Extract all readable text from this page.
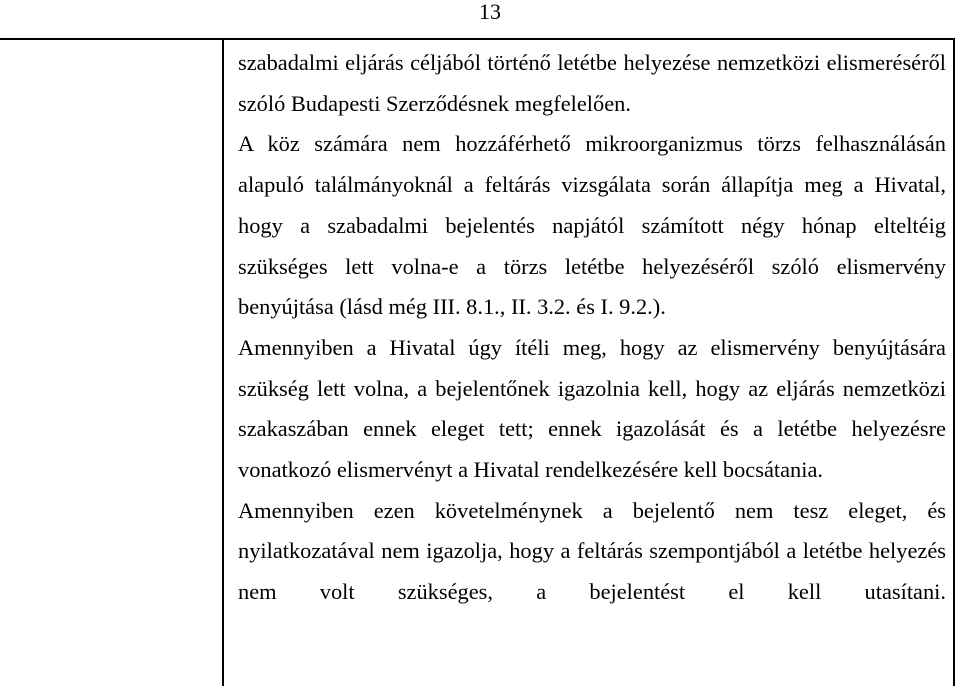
13

szabadalmi eljárás céljából történő letétbe helyezése nemzetközi elismeréséről szóló Budapesti Szerződésnek megfelelően.

A köz számára nem hozzáférhető mikroorganizmus törzs felhasználásán alapuló találmányoknál a feltárás vizsgálata során állapítja meg a Hivatal, hogy a szabadalmi bejelentés napjától számított négy hónap elteltéig szükséges lett volna-e a törzs letétbe helyezéséről szóló elismervény benyújtása (lásd még III. 8.1., II. 3.2. és I. 9.2.).

Amennyiben a Hivatal úgy ítéli meg, hogy az elismervény benyújtására szükség lett volna, a bejelentőnek igazolnia kell, hogy az eljárás nemzetközi szakaszában ennek eleget tett; ennek igazolását és a letétbe helyezésre vonatkozó elismervényt a Hivatal rendelkezésére kell bocsátania.

Amennyiben ezen követelménynek a bejelentő nem tesz eleget, és nyilatkozatával nem igazolja, hogy a feltárás szempontjából a letétbe helyezés nem volt szükséges, a bejelentést el kell utasítani.
